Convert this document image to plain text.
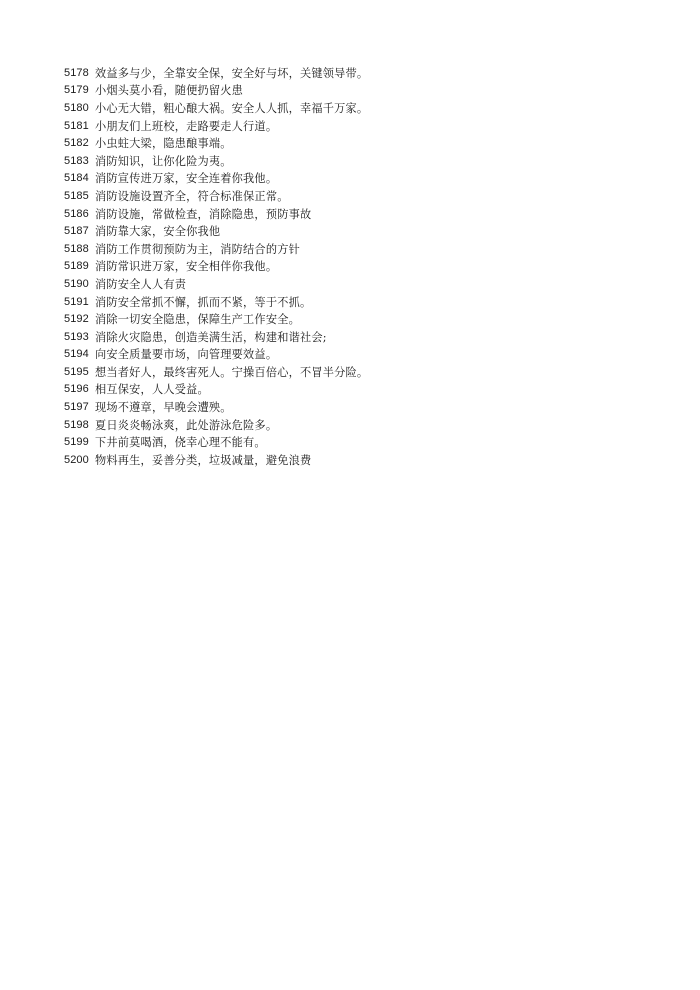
5178 效益多与少，全靠安全保，安全好与坏，关键领导带。
5179 小烟头莫小看，随便扔留火患
5180 小心无大错，粗心酿大祸。安全人人抓，幸福千万家。
5181 小朋友们上班校，走路要走人行道。
5182 小虫蛀大梁，隐患酿事端。
5183 消防知识，让你化险为夷。
5184 消防宣传进万家，安全连着你我他。
5185 消防设施设置齐全，符合标准保正常。
5186 消防设施，常做检查，消除隐患，预防事故
5187 消防靠大家，安全你我他
5188 消防工作贯彻预防为主，消防结合的方针
5189 消防常识进万家，安全相伴你我他。
5190 消防安全人人有责
5191 消防安全常抓不懈，抓而不紧，等于不抓。
5192 消除一切安全隐患，保障生产工作安全。
5193 消除火灾隐患，创造美满生活，构建和谐社会;
5194 向安全质量要市场，向管理要效益。
5195 想当者好人，最终害死人。宁操百倍心，不冒半分险。
5196 相互保安，人人受益。
5197 现场不遵章，早晚会遭殃。
5198 夏日炎炎畅泳爽，此处游泳危险多。
5199 下井前莫喝酒，侥幸心理不能有。
5200 物料再生，妥善分类，垃圾减量，避免浪费
